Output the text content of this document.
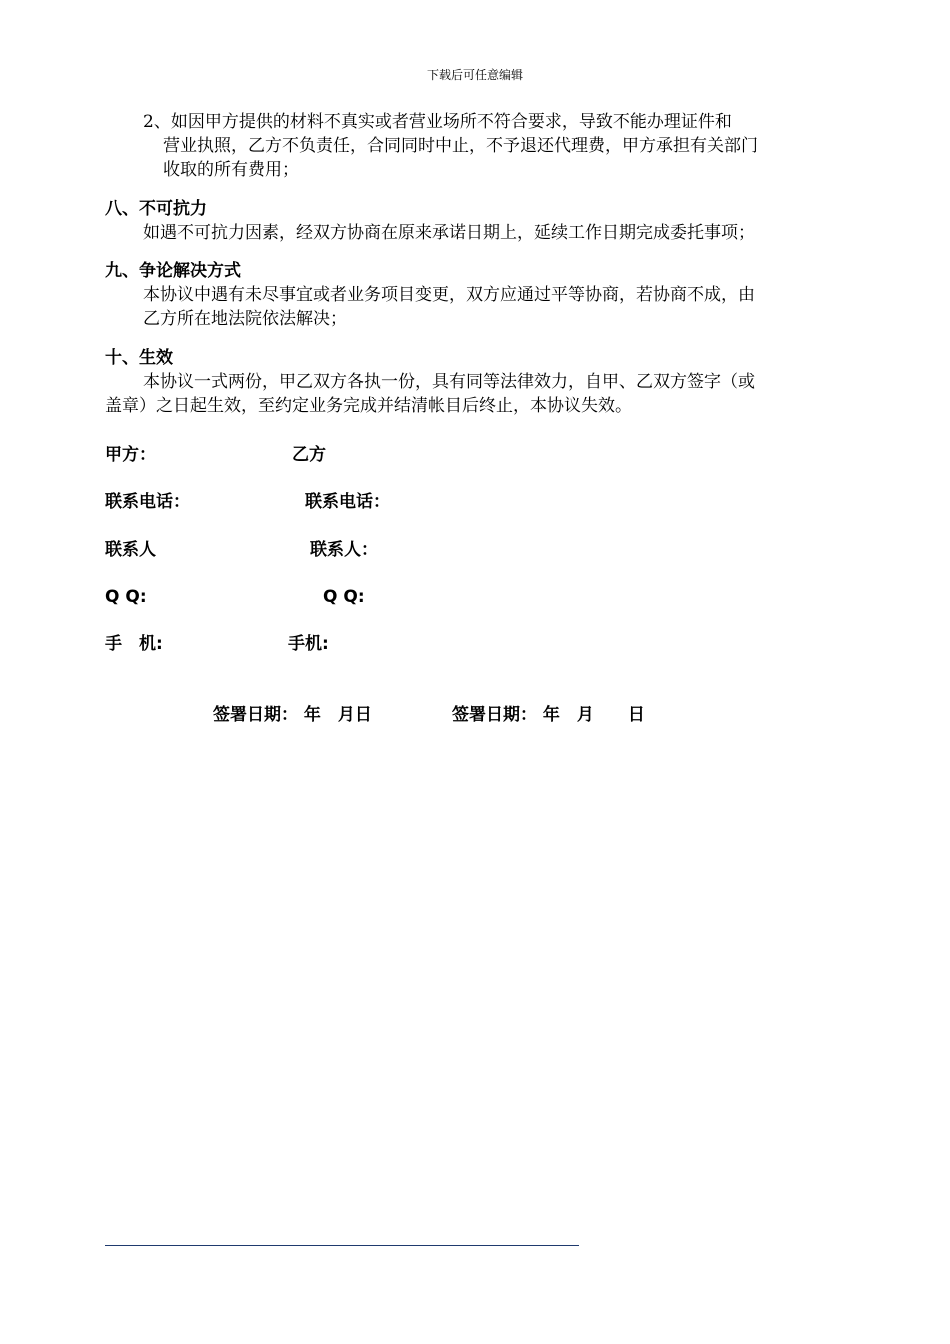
下载后可任意编辑
2、如因甲方提供的材料不真实或者营业场所不符合要求，导致不能办理证件和
营业执照，乙方不负责任，合同同时中止，不予退还代理费，甲方承担有关部门
收取的所有费用；
八、不可抗力
如遇不可抗力因素，经双方协商在原来承诺日期上，延续工作日期完成委托事项；
九、争论解决方式
本协议中遇有未尽事宜或者业务项目变更，双方应通过平等协商，若协商不成，由
乙方所在地法院依法解决；
十、生效
本协议一式两份，甲乙双方各执一份，具有同等法律效力，自甲、乙双方签字（或
盖章）之日起生效，至约定业务完成并结清帐目后终止，本协议失效。
甲方：	乙方
联系电话：	联系电话：
联系人	联系人：
Q Q:	Q Q:
手　机:	手机:
签署日期： 年　月日	签署日期： 年　月　　日
